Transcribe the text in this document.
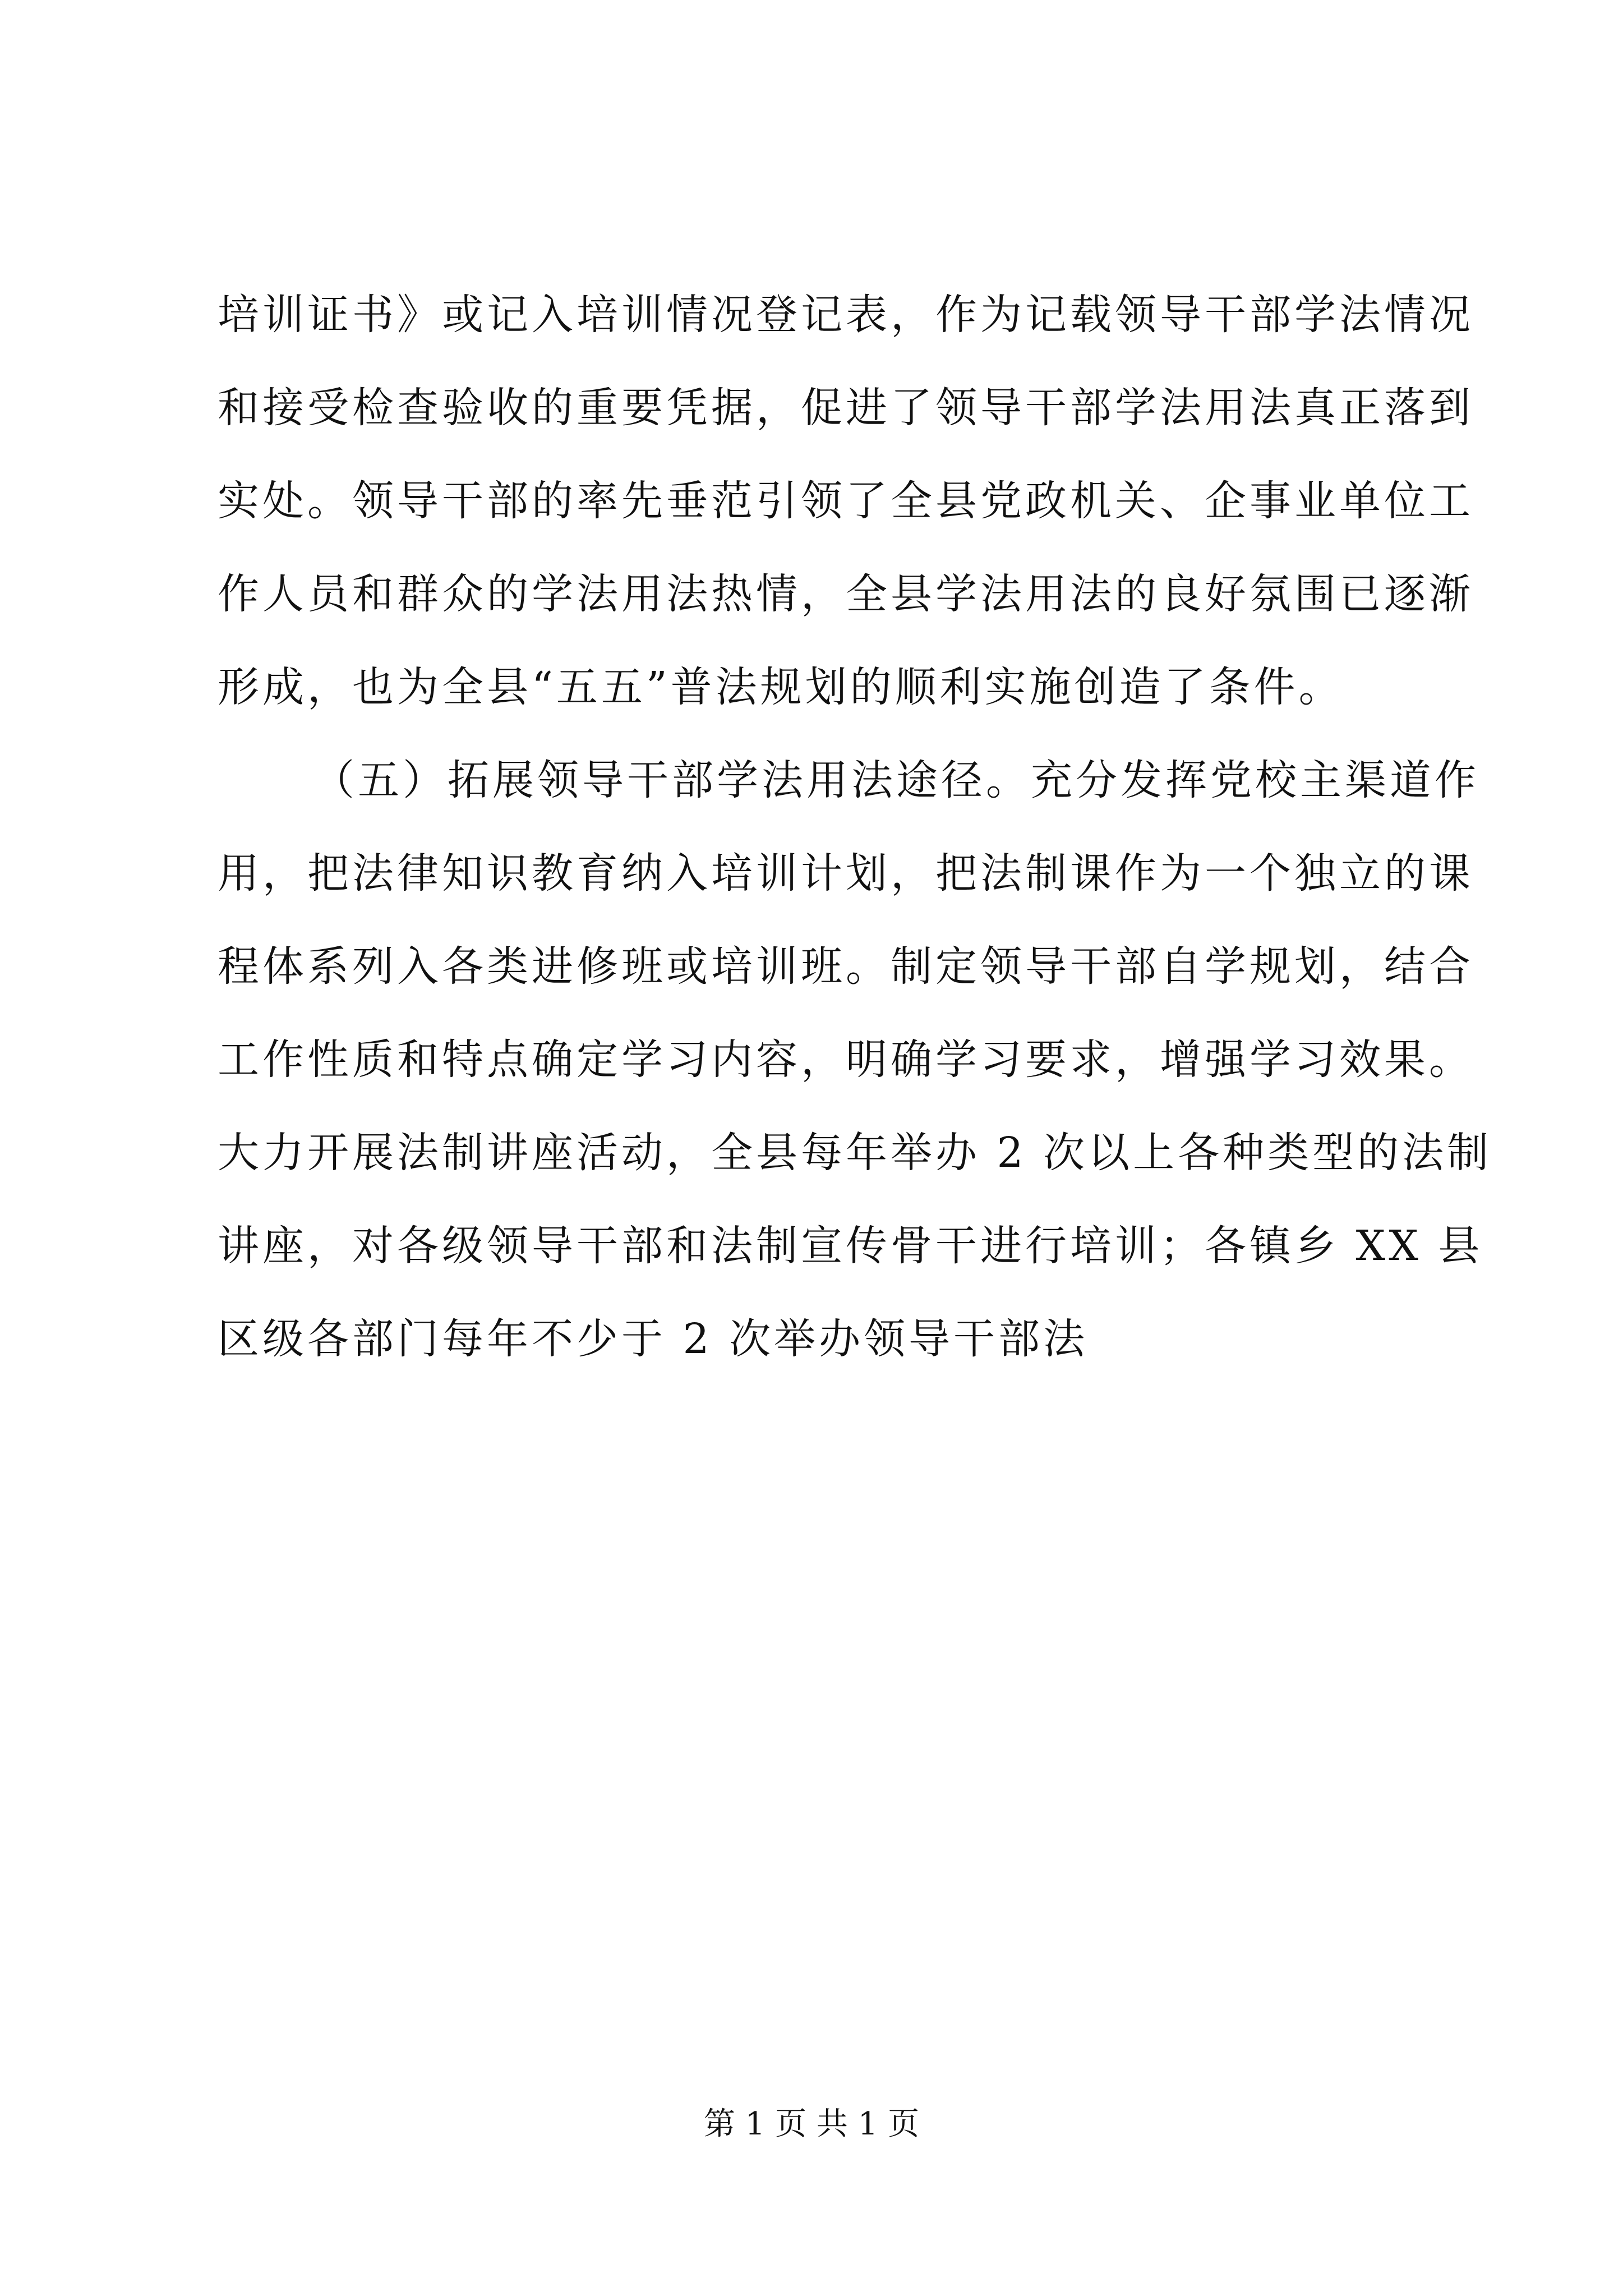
培训证书》或记入培训情况登记表，作为记载领导干部学法情况
和接受检查验收的重要凭据，促进了领导干部学法用法真正落到
实处。领导干部的率先垂范引领了全县党政机关、企事业单位工
作人员和群众的学法用法热情，全县学法用法的良好氛围已逐渐
形成，也为全县“五五”普法规划的顺利实施创造了条件。
（五）拓展领导干部学法用法途径。充分发挥党校主渠道作
用，把法律知识教育纳入培训计划，把法制课作为一个独立的课
程体系列入各类进修班或培训班。制定领导干部自学规划，结合
工作性质和特点确定学习内容，明确学习要求，增强学习效果。
大力开展法制讲座活动，全县每年举办 2 次以上各种类型的法制
讲座，对各级领导干部和法制宣传骨干进行培训；各镇乡 XX 县
区级各部门每年不少于 2 次举办领导干部法
第 1 页 共 1 页
